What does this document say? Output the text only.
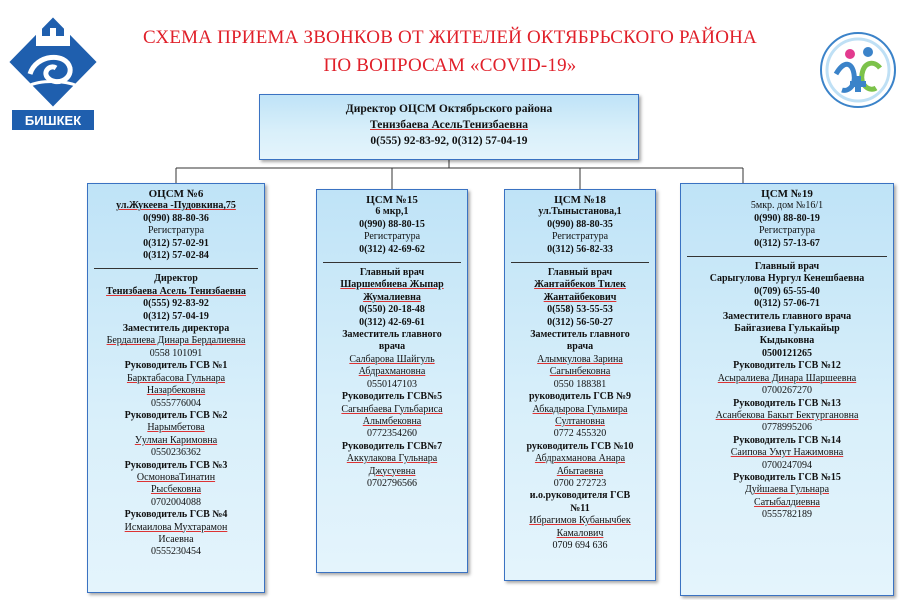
БИШКЕК
СХЕМА ПРИЕМА ЗВОНКОВ ОТ ЖИТЕЛЕЙ ОКТЯБРЬСКОГО РАЙОНА
ПО ВОПРОСАМ «COVID-19»
Директор ОЦСМ Октябрьского района
Тенизбаева АсельТенизбаевна
0(555) 92-83-92, 0(312) 57-04-19
ОЦСМ №6
ул.Жукеева -Пудовкина,75
0(990) 88-80-36
Регистратура
0(312) 57-02-91
0(312) 57-02-84
Директор
Тенизбаева Асель Тенизбаевна
0(555) 92-83-92
0(312) 57-04-19
Заместитель директора
Бердалиева Динара Бердалиевна
0558 101091
Руководитель ГСВ №1
Барктабасова Гульнара
Назарбековна
0555776004
Руководитель ГСВ №2
Нарымбетова
Уулман Каримовна
0550236362
Руководитель ГСВ №3
ОсмоноваТинатин
Рысбековна
0702004088
Руководитель ГСВ №4
Исмаилова Мухтарамон
Исаевна
0555230454
ЦСМ №15
6 мкр,1
0(990) 88-80-15
Регистратура
0(312) 42-69-62
Главный врач
Шаршембиева Жыпар
Жумалиевна
0(550) 20-18-48
0(312) 42-69-61
Заместитель главного
врача
Салбарова Шайгуль
Абдрахмановна
0550147103
Руководитель ГСВ№5
Сагынбаева Гульбариса
Алымбековна
0772354260
Руководитель ГСВ№7
Аккулакова Гульнара
Джусуевна
0702796566
ЦСМ №18
ул.Тыныстанова,1
0(990) 88-80-35
Регистратура
0(312) 56-82-33
Главный врач
Жантайбеков Тилек
Жантайбекович
0(558) 53-55-53
0(312) 56-50-27
Заместитель главного
врача
Алымкулова Зарина
Сагынбековна
0550 188381
руководитель ГСВ №9
Абкадырова Гульмира
Султановна
0772 455320
руководитель ГСВ №10
Абдрахманова Анара
Абытаевна
0700 272723
и.о.руководителя ГСВ
№11
Ибрагимов Кубанычбек
Камалович
0709 694 636
ЦСМ №19
5мкр. дом №16/1
0(990) 88-80-19
Регистратура
0(312) 57-13-67
Главный врач
Сарыгулова Нургул Кенешбаевна
0(709) 65-55-40
0(312) 57-06-71
Заместитель главного врача
Байгазиева Гулькайыр
Кыдыковна
0500121265
Руководитель ГСВ №12
Асыралиева Динара Шаршеевна
0700267270
Руководитель ГСВ №13
Асанбекова Бакыт Бектургановна
0778995206
Руководитель ГСВ №14
Саипова Умут Нажимовна
0700247094
Руководитель ГСВ №15
Дуйшаева Гульнара
Сатыбалдиевна
0555782189
